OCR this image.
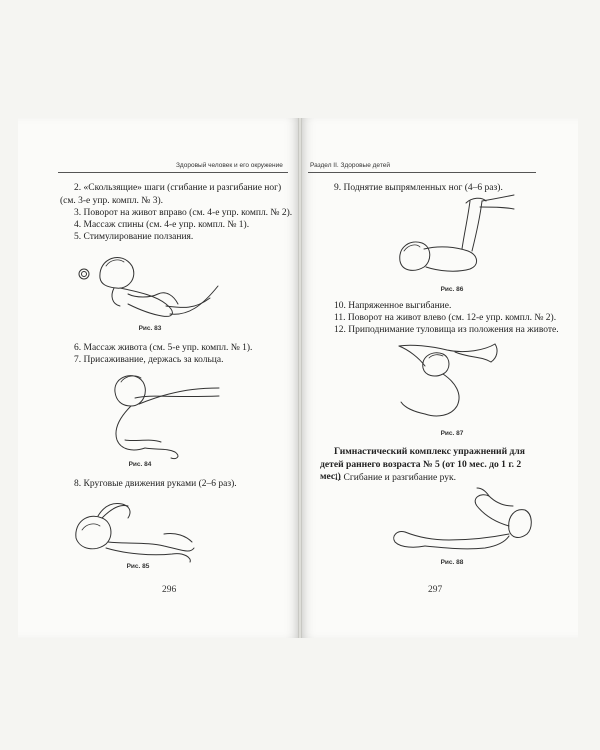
Здоровый человек и его окружение

2. «Скользящие» шаги (сгибание и разгибание ног) (см. 3-е упр. компл. № 3).

3. Поворот на живот вправо (см. 4-е упр. компл. № 2).

4. Массаж спины (см. 4-е упр. компл. № 1).

5. Стимулирование ползания.

Рис. 83

6. Массаж живота (см. 5-е упр. компл. № 1).

7. Присаживание, держась за кольца.

Рис. 84

8. Круговые движения руками (2–6 раз).

Рис. 85
296
Раздел II. Здоровые детей

9. Поднятие выпрямленных ног (4–6 раз).

Рис. 86

10. Напряженное выгибание.

11. Поворот на живот влево (см. 12-е упр. компл. № 2).

12. Приподнимание туловища из положения на животе.

Рис. 87

Гимнастический комплекс упражнений для детей раннего возраста № 5 (от 10 мес. до 1 г. 2 мес.)

1. Сгибание и разгибание рук.

Рис. 88
297
